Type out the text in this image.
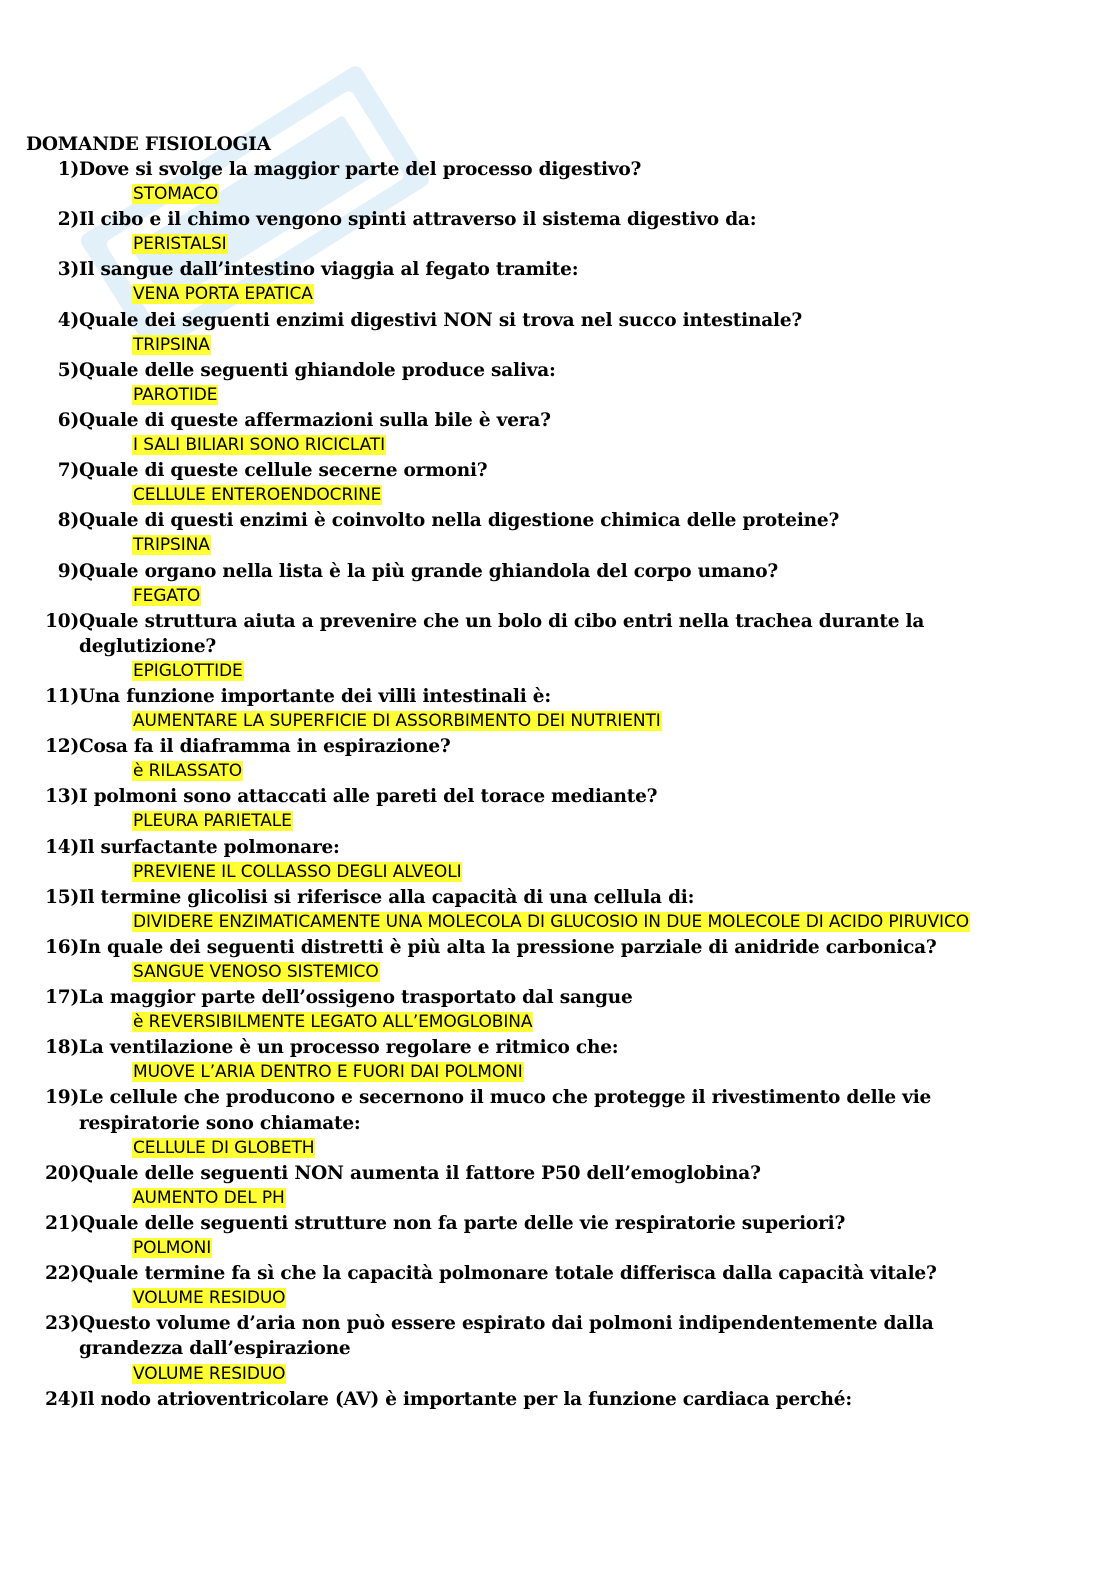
DOMANDE FISIOLOGIA
1) Dove si svolge la maggior parte del processo digestivo?
STOMACO
2) Il cibo e il chimo vengono spinti attraverso il sistema digestivo da:
PERISTALSI
3) Il sangue dall’intestino viaggia al fegato tramite:
VENA PORTA EPATICA
4) Quale dei seguenti enzimi digestivi NON si trova nel succo intestinale?
TRIPSINA
5) Quale delle seguenti ghiandole produce saliva:
PAROTIDE
6) Quale di queste affermazioni sulla bile è vera?
I SALI BILIARI SONO RICICLATI
7) Quale di queste cellule secerne ormoni?
CELLULE ENTEROENDOCRINE
8) Quale di questi enzimi è coinvolto nella digestione chimica delle proteine?
TRIPSINA
9) Quale organo nella lista è la più grande ghiandola del corpo umano?
FEGATO
10) Quale struttura aiuta a prevenire che un bolo di cibo entri nella trachea durante la deglutizione?
EPIGLOTTIDE
11) Una funzione importante dei villi intestinali è:
AUMENTARE LA SUPERFICIE DI ASSORBIMENTO DEI NUTRIENTI
12) Cosa fa il diaframma in espirazione?
è RILASSATO
13) I polmoni sono attaccati alle pareti del torace mediante?
PLEURA PARIETALE
14) Il surfactante polmonare:
PREVIENE IL COLLASSO DEGLI ALVEOLI
15) Il termine glicolisi si riferisce alla capacità di una cellula di:
DIVIDERE ENZIMATICAMENTE UNA MOLECOLA DI GLUCOSIO IN DUE MOLECOLE DI ACIDO PIRUVICO
16) In quale dei seguenti distretti è più alta la pressione parziale di anidride carbonica?
SANGUE VENOSO SISTEMICO
17) La maggior parte dell’ossigeno trasportato dal sangue
è REVERSIBILMENTE LEGATO ALL’EMOGLOBINA
18) La ventilazione è un processo regolare e ritmico che:
MUOVE L’ARIA DENTRO E FUORI DAI POLMONI
19) Le cellule che producono e secernono il muco che protegge il rivestimento delle vie respiratorie sono chiamate:
CELLULE DI GLOBETH
20) Quale delle seguenti NON aumenta il fattore P50 dell’emoglobina?
AUMENTO DEL PH
21) Quale delle seguenti strutture non fa parte delle vie respiratorie superiori?
POLMONI
22) Quale termine fa sì che la capacità polmonare totale differisca dalla capacità vitale?
VOLUME RESIDUO
23) Questo volume d’aria non può essere espirato dai polmoni indipendentemente dalla grandezza dall’espirazione
VOLUME RESIDUO
24) Il nodo atrioventricolare (AV) è importante per la funzione cardiaca perché:
